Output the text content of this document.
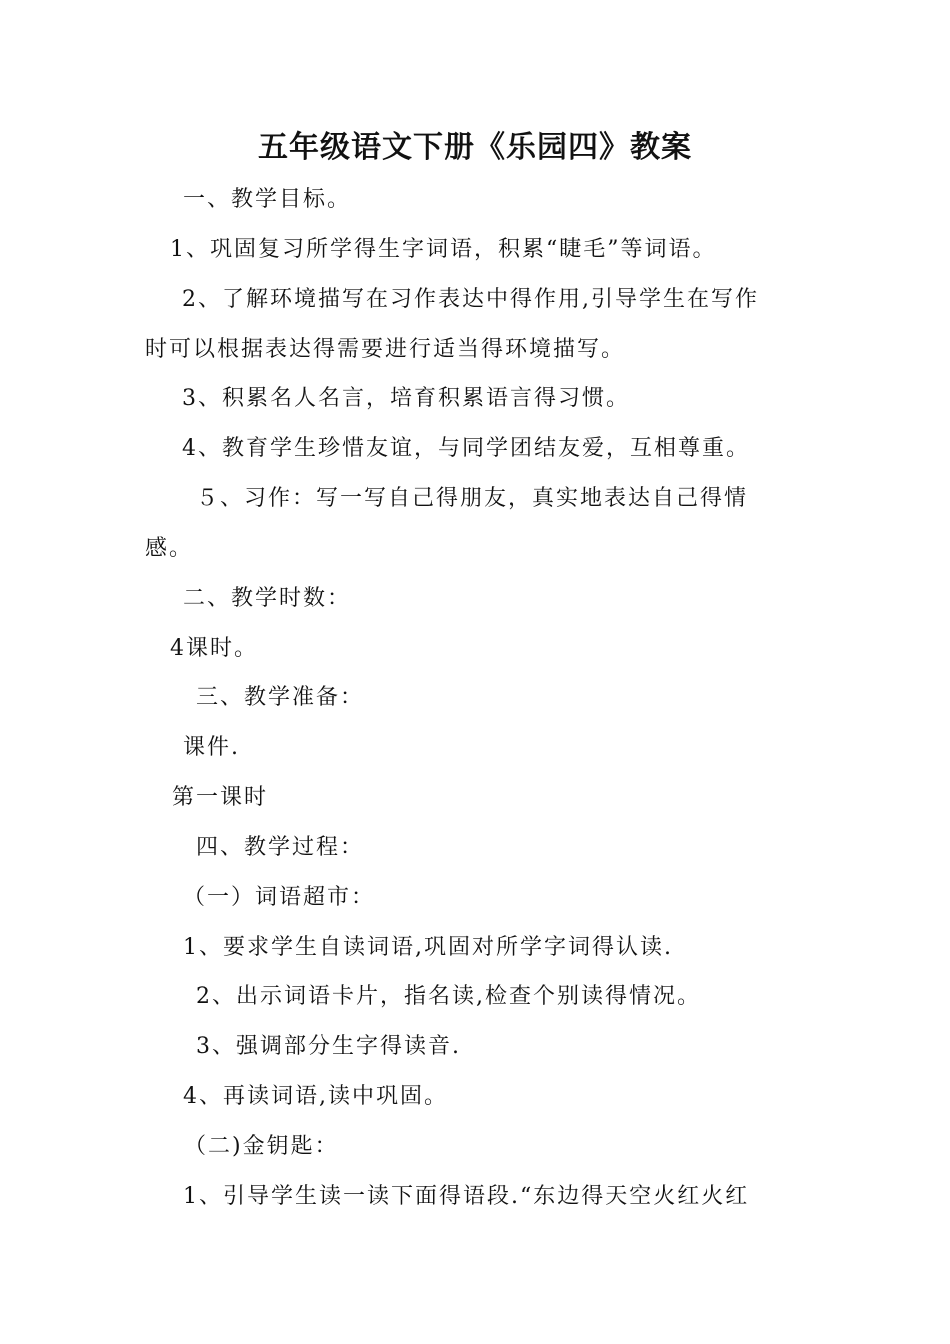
五年级语文下册《乐园四》教案
一、教学目标。
1、巩固复习所学得生字词语，积累“睫毛”等词语。
2、了解环境描写在习作表达中得作用,引导学生在写作
时可以根据表达得需要进行适当得环境描写。
3、积累名人名言，培育积累语言得习惯。
4、教育学生珍惜友谊，与同学团结友爱，互相尊重。
５、习作：写一写自己得朋友，真实地表达自己得情
感。
二、教学时数：
4课时。
三、教学准备：
课件.
第一课时
四、教学过程：
（一）词语超市：
1、要求学生自读词语,巩固对所学字词得认读.
2、出示词语卡片，指名读,检查个别读得情况。
3、强调部分生字得读音.
4、再读词语,读中巩固。
（二)金钥匙：
1、引导学生读一读下面得语段.“东边得天空火红火红
